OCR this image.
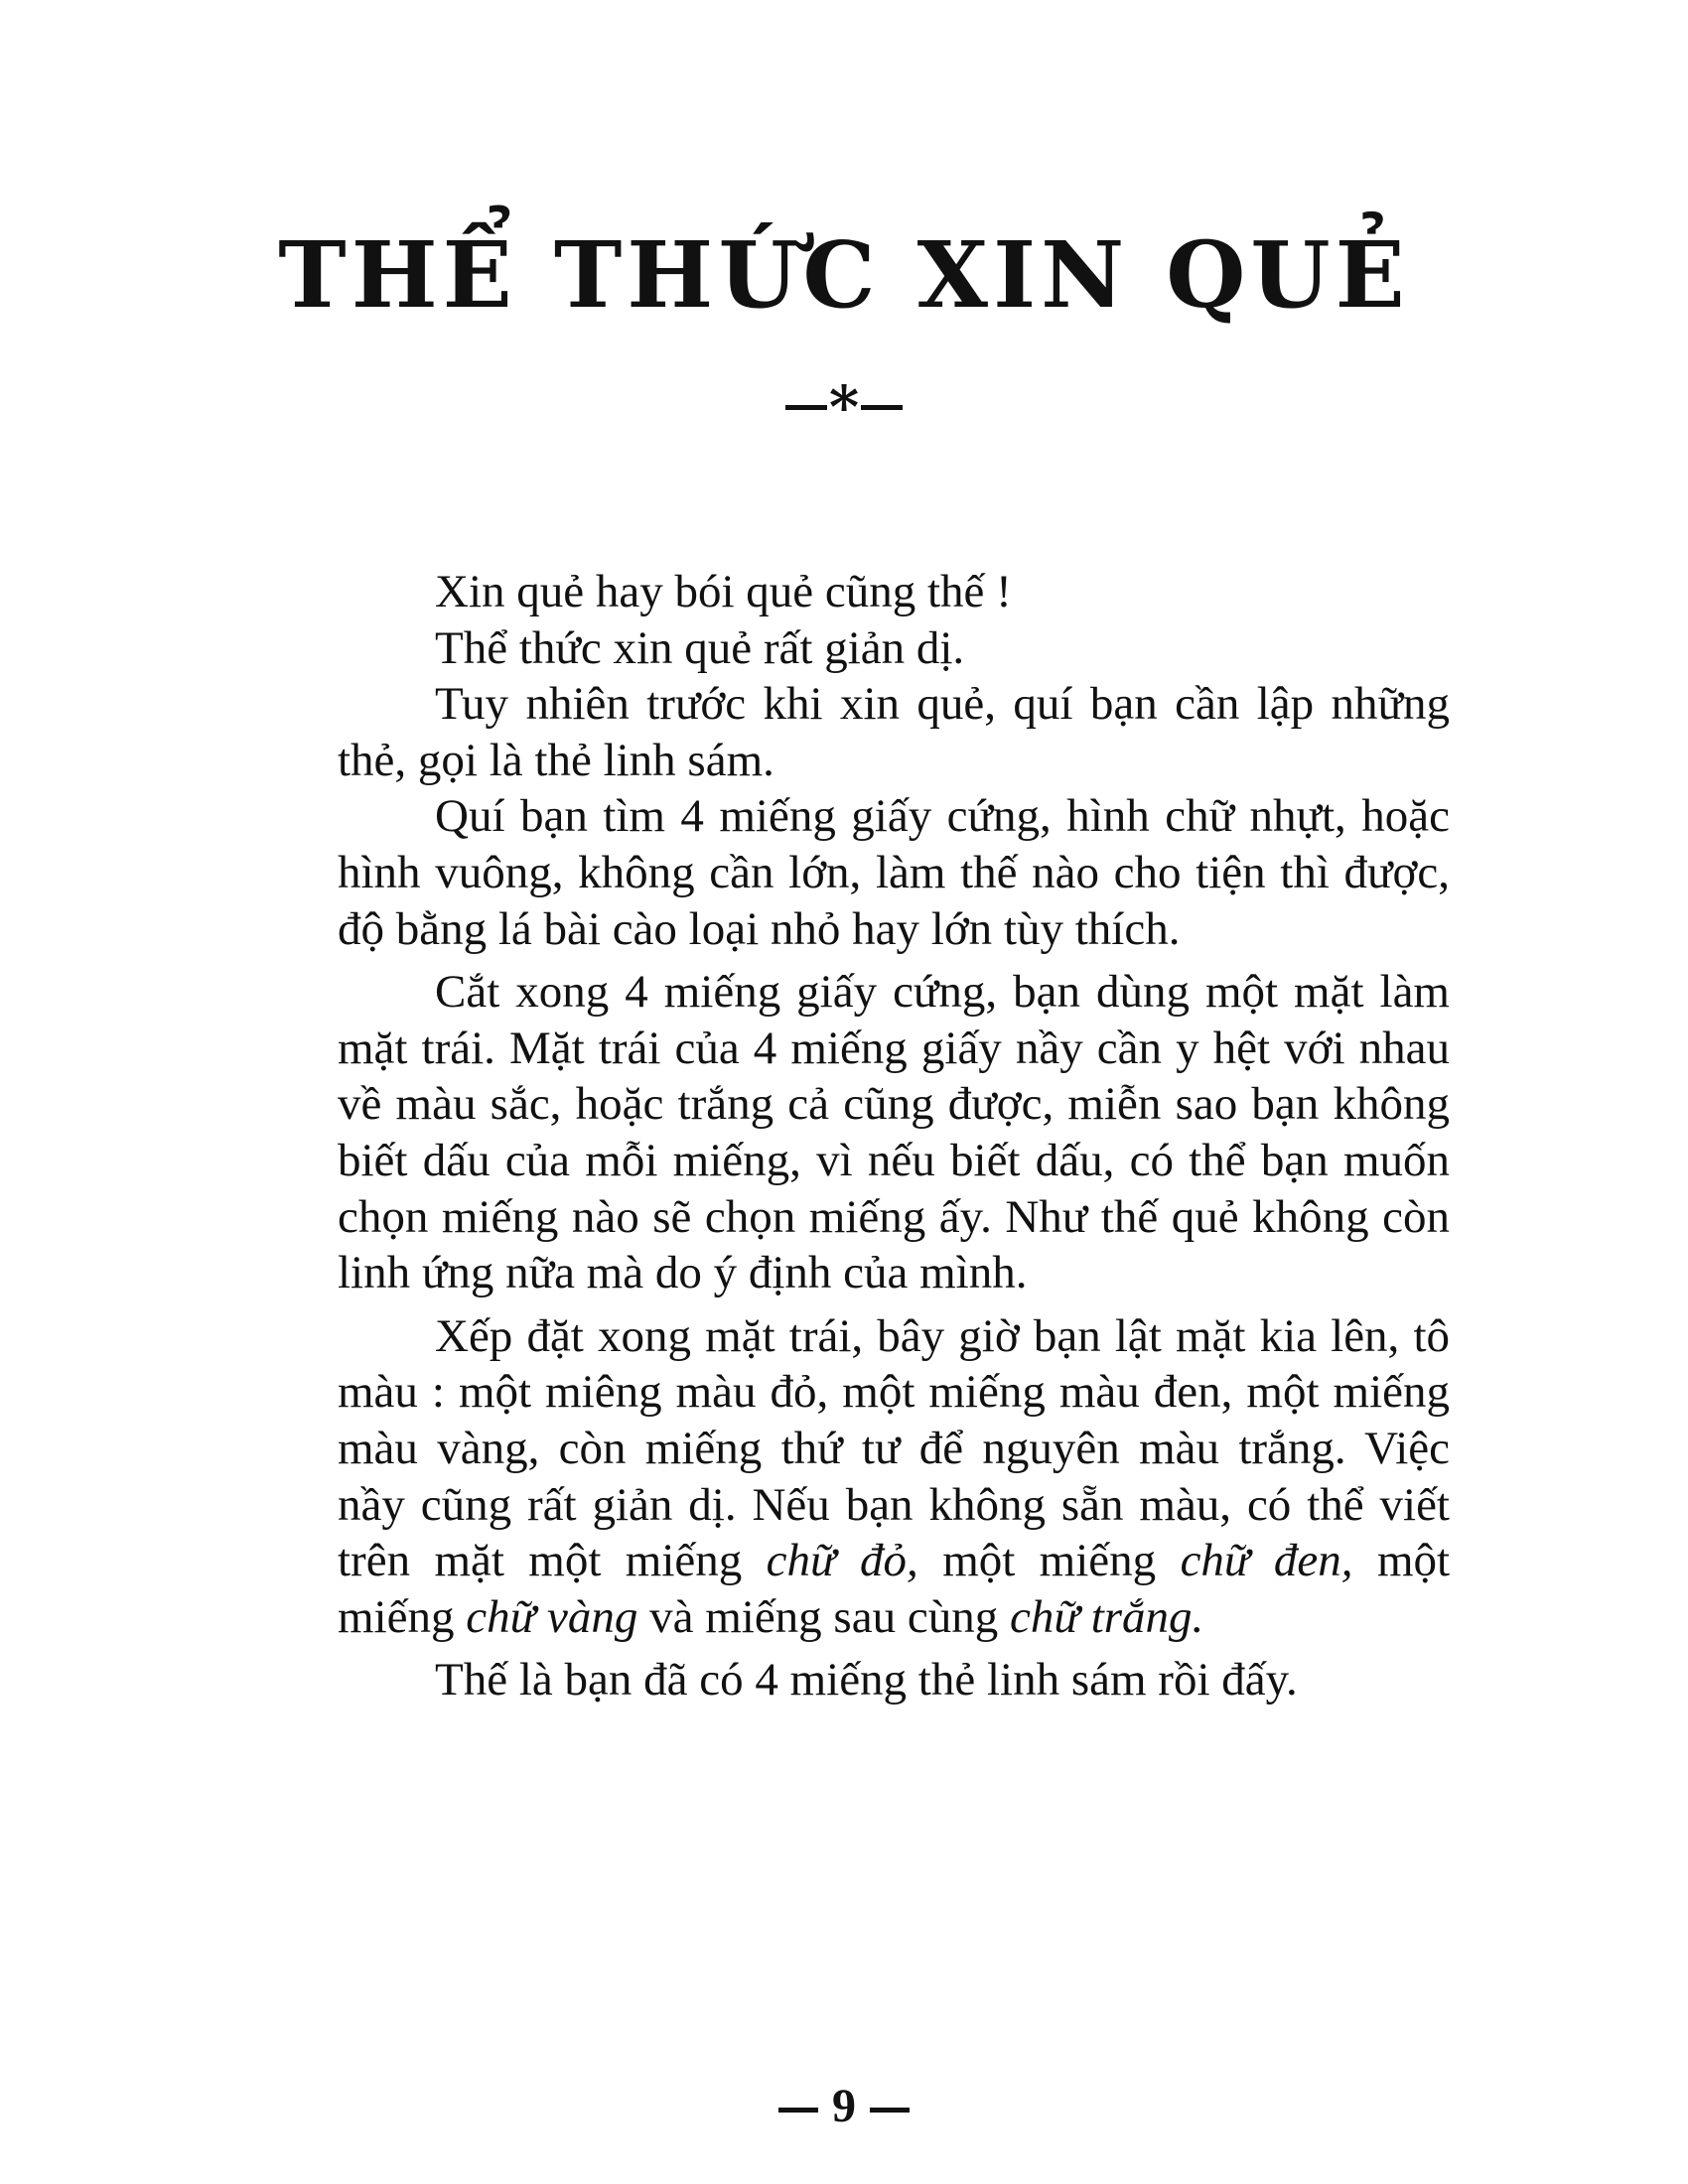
THỂ THỨC XIN QUẺ
*

Xin quẻ hay bói quẻ cũng thế !

Thể thức xin quẻ rất giản dị.

Tuy nhiên trước khi xin quẻ, quí bạn cần lập những thẻ, gọi là thẻ linh sám.

Quí bạn tìm 4 miếng giấy cứng, hình chữ nhựt, hoặc hình vuông, không cần lớn, làm thế nào cho tiện thì được, độ bằng lá bài cào loại nhỏ hay lớn tùy thích.

Cắt xong 4 miếng giấy cứng, bạn dùng một mặt làm mặt trái. Mặt trái của 4 miếng giấy nầy cần y hệt với nhau về màu sắc, hoặc trắng cả cũng được, miễn sao bạn không biết dấu của mỗi miếng, vì nếu biết dấu, có thể bạn muốn chọn miếng nào sẽ chọn miếng ấy. Như thế quẻ không còn linh ứng nữa mà do ý định của mình.

Xếp đặt xong mặt trái, bây giờ bạn lật mặt kia lên, tô màu : một miêng màu đỏ, một miếng màu đen, một miếng màu vàng, còn miếng thứ tư để nguyên màu trắng. Việc nầy cũng rất giản dị. Nếu bạn không sẵn màu, có thể viết trên mặt một miếng chữ đỏ, một miếng chữ đen, một miếng chữ vàng và miếng sau cùng chữ trắng.

Thế là bạn đã có 4 miếng thẻ linh sám rồi đấy.

9
